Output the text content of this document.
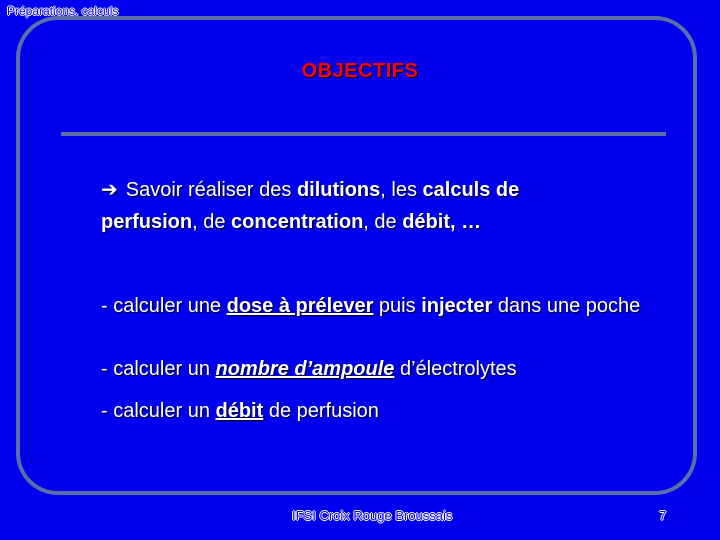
Préparations, calculs
OBJECTIFS
➔ Savoir réaliser des dilutions, les calculs de
perfusion, de concentration, de débit, …
- calculer une dose à prélever puis injecter dans une poche
- calculer un nombre d’ampoule d’électrolytes
- calculer un débit de perfusion
IFSI Croix Rouge Broussais	7
